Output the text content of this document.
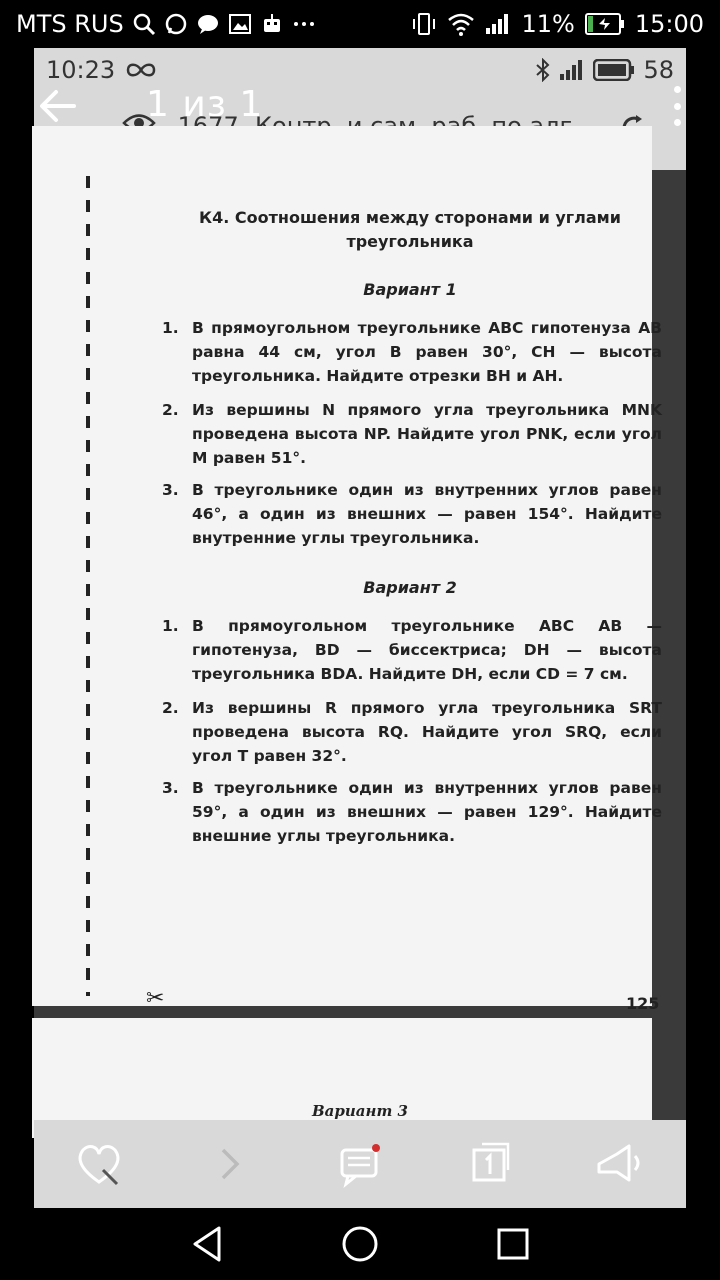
MTS RUS	11%	15:00
10:23	58
✂
К4. Соотношения между сторонами и углами
треугольника
Вариант 1
1. В прямоугольном треугольнике ABC гипотенуза AB равна 44 см, угол B равен 30°, CH — высота треугольника. Найдите отрезки BH и AH.
2. Из вершины N прямого угла треугольника MNK проведена высота NP. Найдите угол PNK, если угол M равен 51°.
3. В треугольнике один из внутренних углов равен 46°, а один из внешних — равен 154°. Найдите внутренние углы треугольника.
Вариант 2
1. В прямоугольном треугольнике ABC AB — гипотенуза, BD — биссектриса; DH — высота треугольника BDA. Найдите DH, если CD = 7 см.
2. Из вершины R прямого угла треугольника SRT проведена высота RQ. Найдите угол SRQ, если угол T равен 32°.
3. В треугольнике один из внутренних углов равен 59°, а один из внешних — равен 129°. Найдите внешние углы треугольника.
125
Вариант 3
1 из 1
